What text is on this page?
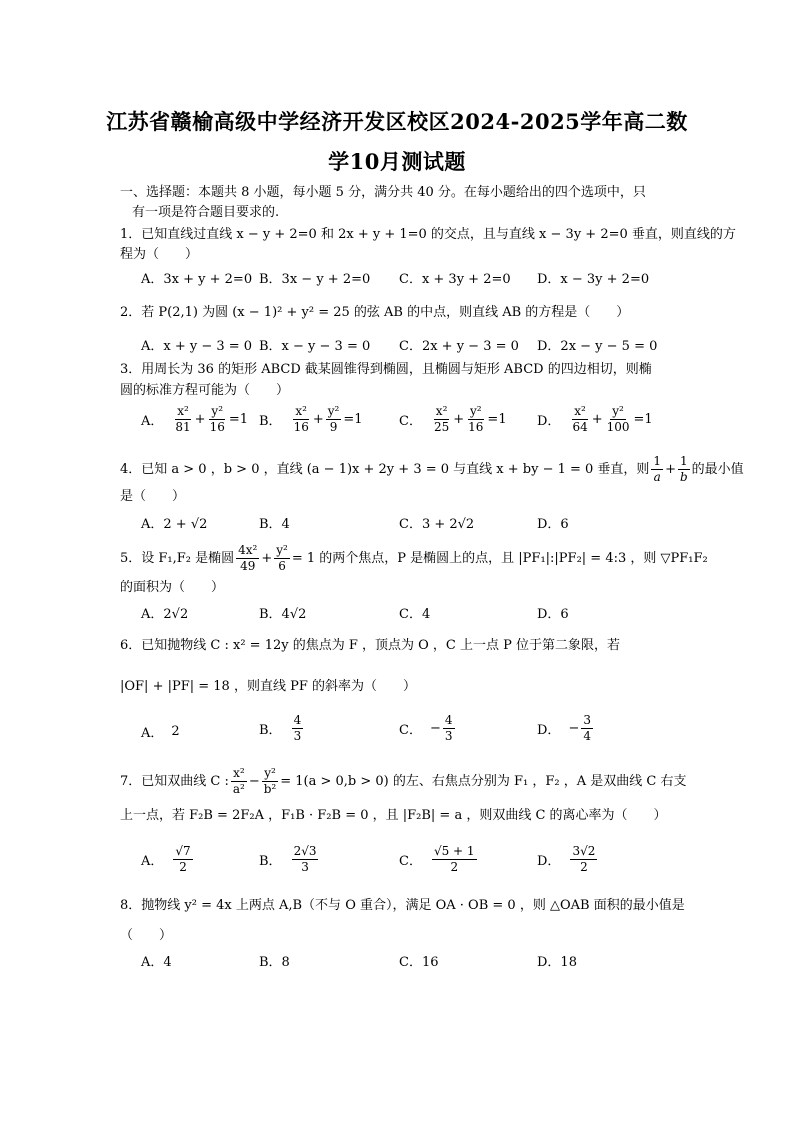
江苏省赣榆高级中学经济开发区校区2024-2025学年高二数
学10月测试题
一、选择题：本题共 8 小题，每小题 5 分，满分共 40 分。在每小题给出的四个选项中，只
有一项是符合题目要求的.
1．已知直线过直线 x − y + 2=0 和 2x + y + 1=0 的交点，且与直线 x − 3y + 2=0 垂直，则直线的方
程为（　　）
A．3x + y + 2=0 B．3x − y + 2=0 C．x + 3y + 2=0 D．x − 3y + 2=0
2．若 P(2,1) 为圆 (x − 1)² + y² = 25 的弦 AB 的中点，则直线 AB 的方程是（　　）
A．x + y − 3 = 0 B．x − y − 3 = 0 C．2x + y − 3 = 0 D．2x − y − 5 = 0
3．用周长为 36 的矩形 ABCD 截某圆锥得到椭圆，且椭圆与矩形 ABCD 的四边相切，则椭
圆的标准方程可能为（　　）
A． $\frac{\text{x²}}{81} + \frac{\text{y²}}{16} =1$ B． $\frac{\text{x²}}{16} + \frac{\text{y²}}{9} =1$	C． $\frac{\text{x²}}{25} + \frac{\text{y²}}{16} =1$ D． $\frac{\text{x²}}{64} + \frac{\text{y²}}{100} =1$
4．已知 a > 0 ，b > 0 ，直线 (a − 1)x + 2y + 3 = 0 与直线 x + by − 1 = 0 垂直，则 $\frac{1}{a} + \frac{1}{b}$ 的最小值
是（　　）
A．2 + √2	B．4	C．3 + 2√2	D．6
5．设 F₁,F₂ 是椭圆 $\frac{\text{4x²}}{49} + \frac{\text{y²}}{6} = 1$ 的两个焦点，P 是椭圆上的点，且 |PF₁|:|PF₂| = 4:3 ，则 ▽PF₁F₂
的面积为（　　）
A．2√2	B．4√2	C．4	D．6
6．已知抛物线 C : x² = 12y 的焦点为 F ，顶点为 O ，C 上一点 P 位于第二象限，若
|OF| + |PF| = 18 ，则直线 PF 的斜率为（　　）
A． 2	B． $\frac{4}{3}$	C． − $\frac{4}{3}$	D． − $\frac{3}{4}$
7．已知双曲线 C : $\frac{\text{x²}}{\text{a²}} - \frac{\text{y²}}{\text{b²}} = 1(a > 0,b > 0)$ 的左、右焦点分别为 F₁ ，F₂ ，A 是双曲线 C 右支
上一点，若 F₂B = 2F₂A ，F₁B · F₂B = 0 ，且 |F₂B| = a ，则双曲线 C 的离心率为（　　）
A． $\frac{√7}{2}$	B． $\frac{2√3}{3}$	C． $\frac{√5 + 1}{2}$	D． $\frac{3√2}{2}$
8．抛物线 y² = 4x 上两点 A,B（不与 O 重合），满足 OA · OB = 0 ，则 △OAB 面积的最小值是
（　　）
A．4	B．8	C．16	D．18
